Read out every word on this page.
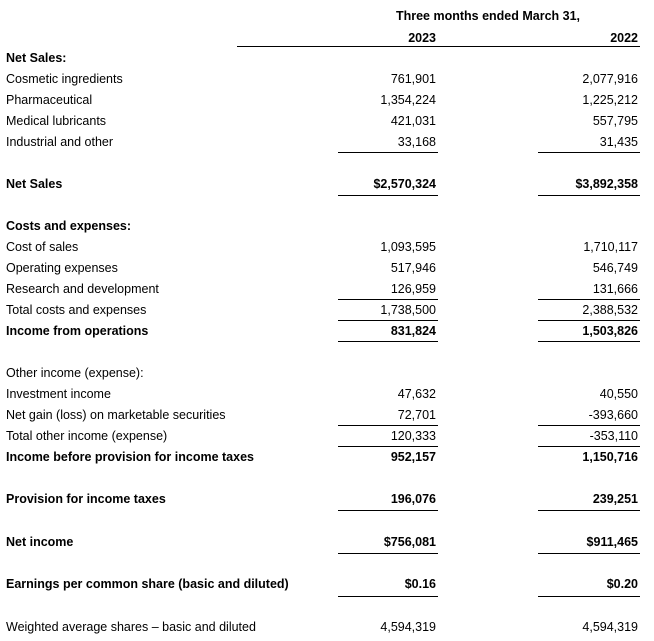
Three months ended March 31,
2023	2022
Net Sales:
Cosmetic ingredients	761,901	2,077,916
Pharmaceutical	1,354,224	1,225,212
Medical lubricants	421,031	557,795
Industrial and other	33,168	31,435
Net Sales	$2,570,324	$3,892,358
Costs and expenses:
Cost of sales	1,093,595	1,710,117
Operating expenses	517,946	546,749
Research and development	126,959	131,666
Total costs and expenses	1,738,500	2,388,532
Income from operations	831,824	1,503,826
Other income (expense):
Investment income	47,632	40,550
Net gain (loss) on marketable securities	72,701	-393,660
Total other income (expense)	120,333	-353,110
Income before provision for income taxes	952,157	1,150,716
Provision for income taxes	196,076	239,251
Net income	$756,081	$911,465
Earnings per common share (basic and diluted)	$0.16	$0.20
Weighted average shares – basic and diluted	4,594,319	4,594,319
